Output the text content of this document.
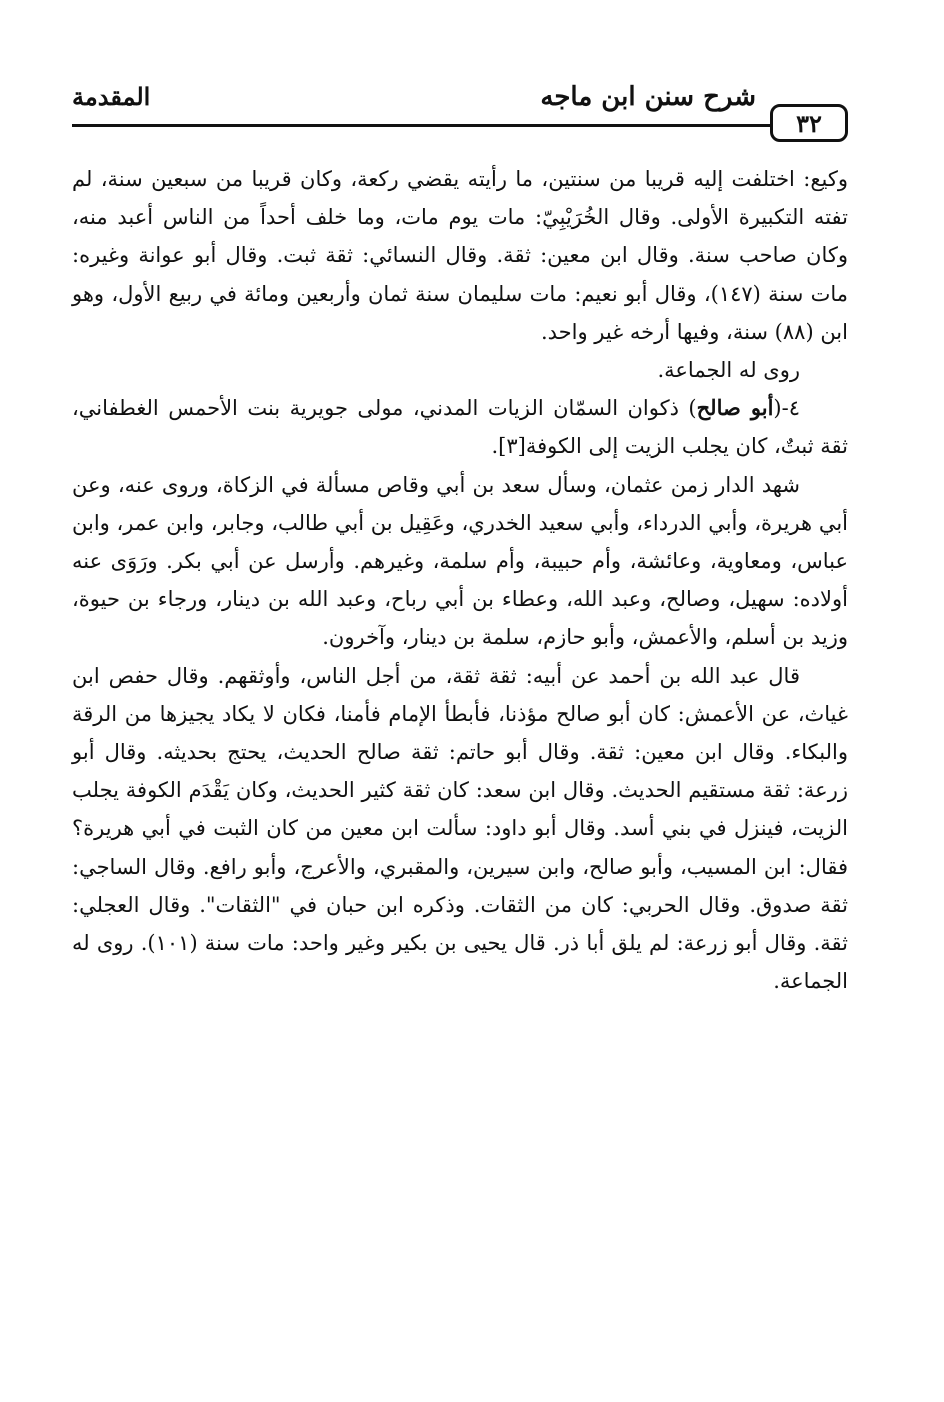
٣٢
شرح سنن ابن ماجه
المقدمة

وكيع: اختلفت إليه قريبا من سنتين، ما رأيته يقضي ركعة، وكان قريبا من سبعين سنة، لم تفته التكبيرة الأولى. وقال الخُرَيْبِيّ: مات يوم مات، وما خلف أحداً من الناس أعبد منه، وكان صاحب سنة. وقال ابن معين: ثقة. وقال النسائي: ثقة ثبت. وقال أبو عوانة وغيره: مات سنة (١٤٧)، وقال أبو نعيم: مات سليمان سنة ثمان وأربعين ومائة في ربيع الأول، وهو ابن (٨٨) سنة، وفيها أرخه غير واحد.

روى له الجماعة.

٤-(أبو صالح) ذكوان السمّان الزيات المدني، مولى جويرية بنت الأحمس الغطفاني، ثقة ثبتٌ، كان يجلب الزيت إلى الكوفة[٣].

شهد الدار زمن عثمان، وسأل سعد بن أبي وقاص مسألة في الزكاة، وروى عنه، وعن أبي هريرة، وأبي الدرداء، وأبي سعيد الخدري، وعَقِيل بن أبي طالب، وجابر، وابن عمر، وابن عباس، ومعاوية، وعائشة، وأم حبيبة، وأم سلمة، وغيرهم. وأرسل عن أبي بكر. ورَوَى عنه أولاده: سهيل، وصالح، وعبد الله، وعطاء بن أبي رباح، وعبد الله بن دينار، ورجاء بن حيوة، وزيد بن أسلم، والأعمش، وأبو حازم، سلمة بن دينار، وآخرون.

قال عبد الله بن أحمد عن أبيه: ثقة ثقة، من أجل الناس، وأوثقهم. وقال حفص ابن غياث، عن الأعمش: كان أبو صالح مؤذنا، فأبطأ الإمام فأمنا، فكان لا يكاد يجيزها من الرقة والبكاء. وقال ابن معين: ثقة. وقال أبو حاتم: ثقة صالح الحديث، يحتج بحديثه. وقال أبو زرعة: ثقة مستقيم الحديث. وقال ابن سعد: كان ثقة كثير الحديث، وكان يَقْدَم الكوفة يجلب الزيت، فينزل في بني أسد. وقال أبو داود: سألت ابن معين من كان الثبت في أبي هريرة؟ فقال: ابن المسيب، وأبو صالح، وابن سيرين، والمقبري، والأعرج، وأبو رافع. وقال الساجي: ثقة صدوق. وقال الحربي: كان من الثقات. وذكره ابن حبان في "الثقات". وقال العجلي: ثقة. وقال أبو زرعة: لم يلق أبا ذر. قال يحيى بن بكير وغير واحد: مات سنة (١٠١). روى له الجماعة.
